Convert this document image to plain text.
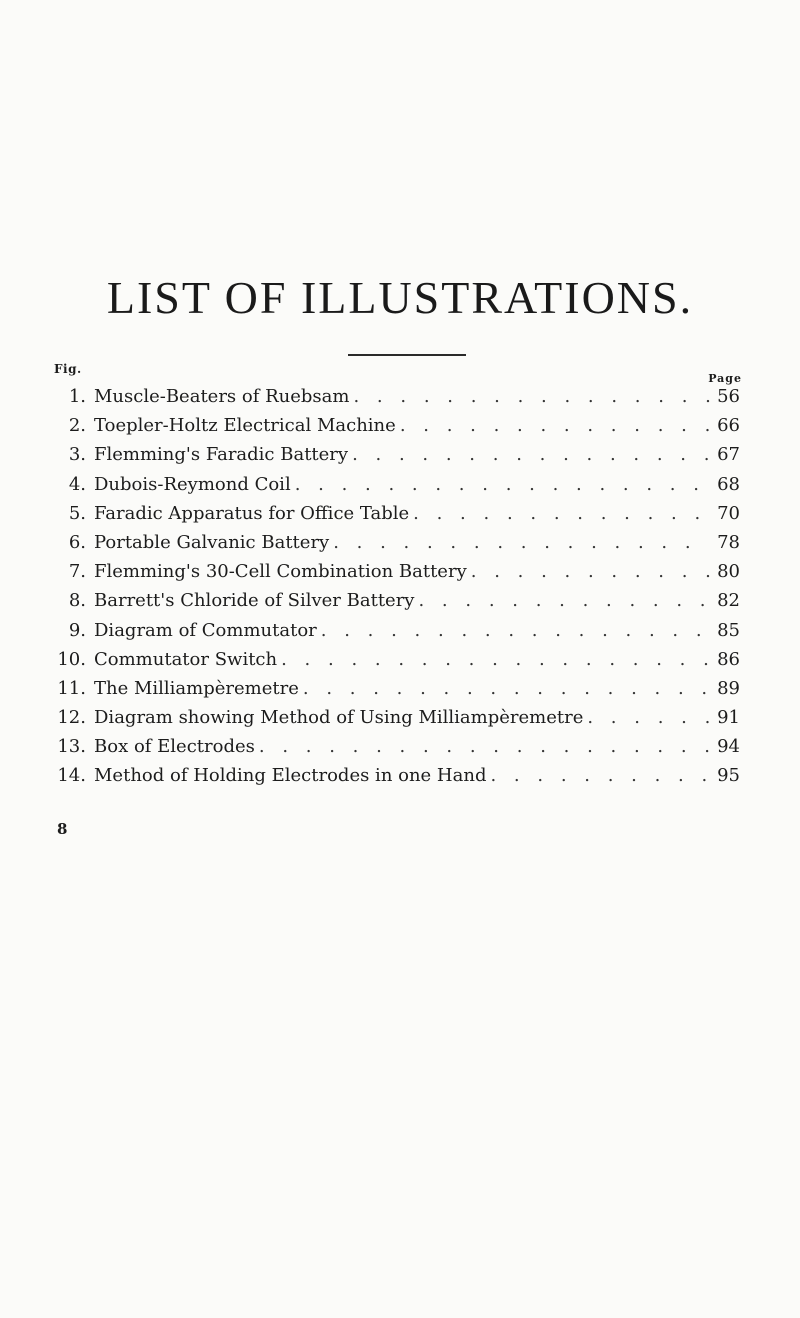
LIST OF ILLUSTRATIONS.
Fig.
Page
1. Muscle-Beaters of Ruebsam . . .	56
2. Toepler-Holtz Electrical Machine . . .	66
3. Flemming's Faradic Battery . . .	67
4. Dubois-Reymond Coil . . .	68
5. Faradic Apparatus for Office Table . . .	70
6. Portable Galvanic Battery . . .	78
7. Flemming's 30-Cell Combination Battery . . .	80
8. Barrett's Chloride of Silver Battery . . .	82
9. Diagram of Commutator . . .	85
10. Commutator Switch . . .	86
11. The Milliampèremetre . . .	89
12. Diagram showing Method of Using Milliampèremetre . . .	91
13. Box of Electrodes . . .	94
14. Method of Holding Electrodes in one Hand . . .	95
8
